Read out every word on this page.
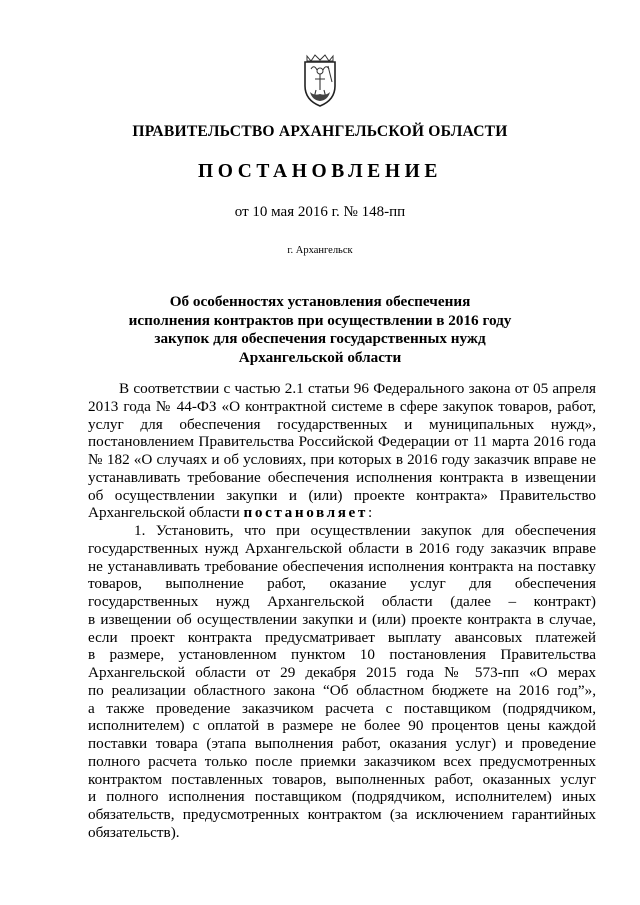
ПРАВИТЕЛЬСТВО АРХАНГЕЛЬСКОЙ ОБЛАСТИ
ПОСТАНОВЛЕНИЕ
от 10 мая 2016 г. № 148-пп
г. Архангельск
Об особенностях установления обеспечения
исполнения контрактов при осуществлении в 2016 году
закупок для обеспечения государственных нужд
Архангельской области
В соответствии с частью 2.1 статьи 96 Федерального закона от 05 апреля
2013 года № 44-ФЗ «О контрактной системе в сфере закупок товаров, работ,
услуг для обеспечения государственных и муниципальных нужд»,
постановлением Правительства Российской Федерации от 11 марта 2016 года
№ 182 «О случаях и об условиях, при которых в 2016 году заказчик вправе не
устанавливать требование обеспечения исполнения контракта в извещении
об осуществлении закупки и (или) проекте контракта» Правительство
Архангельской области постановляет:
1. Установить, что при осуществлении закупок для обеспечения
государственных нужд Архангельской области в 2016 году заказчик вправе
не устанавливать требование обеспечения исполнения контракта на поставку
товаров, выполнение работ, оказание услуг для обеспечения
государственных нужд Архангельской области (далее – контракт)
в извещении об осуществлении закупки и (или) проекте контракта в случае,
если проект контракта предусматривает выплату авансовых платежей
в размере, установленном пунктом 10 постановления Правительства
Архангельской области от 29 декабря 2015 года № 573-пп «О мерах
по реализации областного закона “Об областном бюджете на 2016 год”»,
а также проведение заказчиком расчета с поставщиком (подрядчиком,
исполнителем) с оплатой в размере не более 90 процентов цены каждой
поставки товара (этапа выполнения работ, оказания услуг) и проведение
полного расчета только после приемки заказчиком всех предусмотренных
контрактом поставленных товаров, выполненных работ, оказанных услуг
и полного исполнения поставщиком (подрядчиком, исполнителем) иных
обязательств, предусмотренных контрактом (за исключением гарантийных
обязательств).
